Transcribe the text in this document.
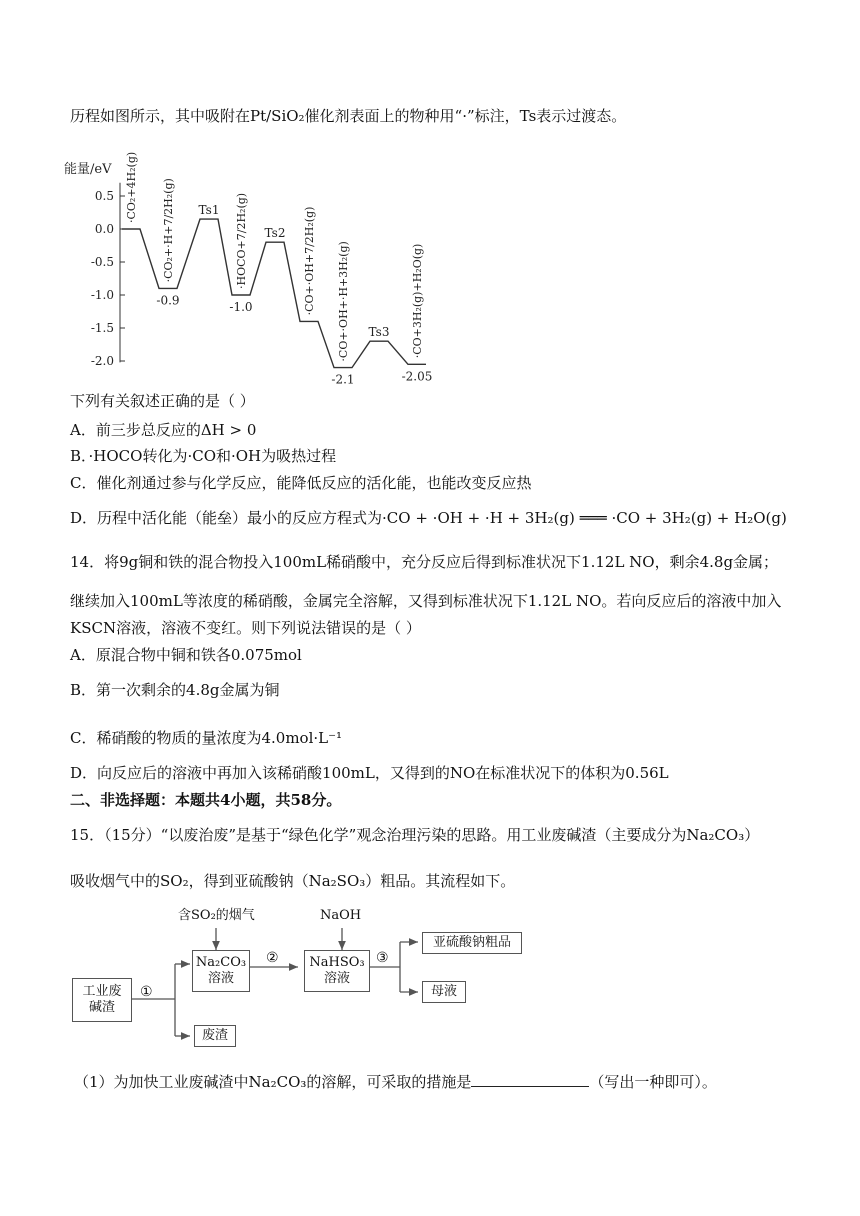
历程如图所示，其中吸附在Pt/SiO₂催化剂表面上的物种用“·”标注，Ts表示过渡态。
能量/eV
0.5
0.0
-0.5
-1.0
-1.5
-2.0
·CO₂+4H₂(g) ·CO₂+·H+7/2H₂(g)
-0.9
Ts1 ·HOCO+7/2H₂(g)
-1.0
Ts2 ·CO+·OH+7/2H₂(g) ·CO+·OH+·H+3H₂(g)
-2.1
Ts3 ·CO+3H₂(g)+H₂O(g)
-2.05
下列有关叙述正确的是（ ）
A．前三步总反应的ΔH > 0
B．·HOCO转化为·CO和·OH为吸热过程
C．催化剂通过参与化学反应，能降低反应的活化能，也能改变反应热
D．历程中活化能（能垒）最小的反应方程式为·CO + ·OH + ·H + 3H₂(g) ═══ ·CO + 3H₂(g) + H₂O(g)
14．将9g铜和铁的混合物投入100mL稀硝酸中，充分反应后得到标准状况下1.12L NO，剩余4.8g金属；
继续加入100mL等浓度的稀硝酸，金属完全溶解，又得到标准状况下1.12L NO。若向反应后的溶液中加入
KSCN溶液，溶液不变红。则下列说法错误的是（ ）
A．原混合物中铜和铁各0.075mol
B．第一次剩余的4.8g金属为铜
C．稀硝酸的物质的量浓度为4.0mol·L⁻¹
D．向反应后的溶液中再加入该稀硝酸100mL，又得到的NO在标准状况下的体积为0.56L
二、非选择题：本题共4小题，共58分。
15．（15分）“以废治废”是基于“绿色化学”观念治理污染的思路。用工业废碱渣（主要成分为Na₂CO₃）
吸收烟气中的SO₂，得到亚硫酸钠（Na₂SO₃）粗品。其流程如下。
含SO₂的烟气	NaOH
工业废
碱渣
①
Na₂CO₃
溶液
②	NaHSO₃
溶液
③
亚硫酸钠粗品
母液
废渣
（1）为加快工业废碱渣中Na₂CO₃的溶解，可采取的措施是	（写出一种即可）。
